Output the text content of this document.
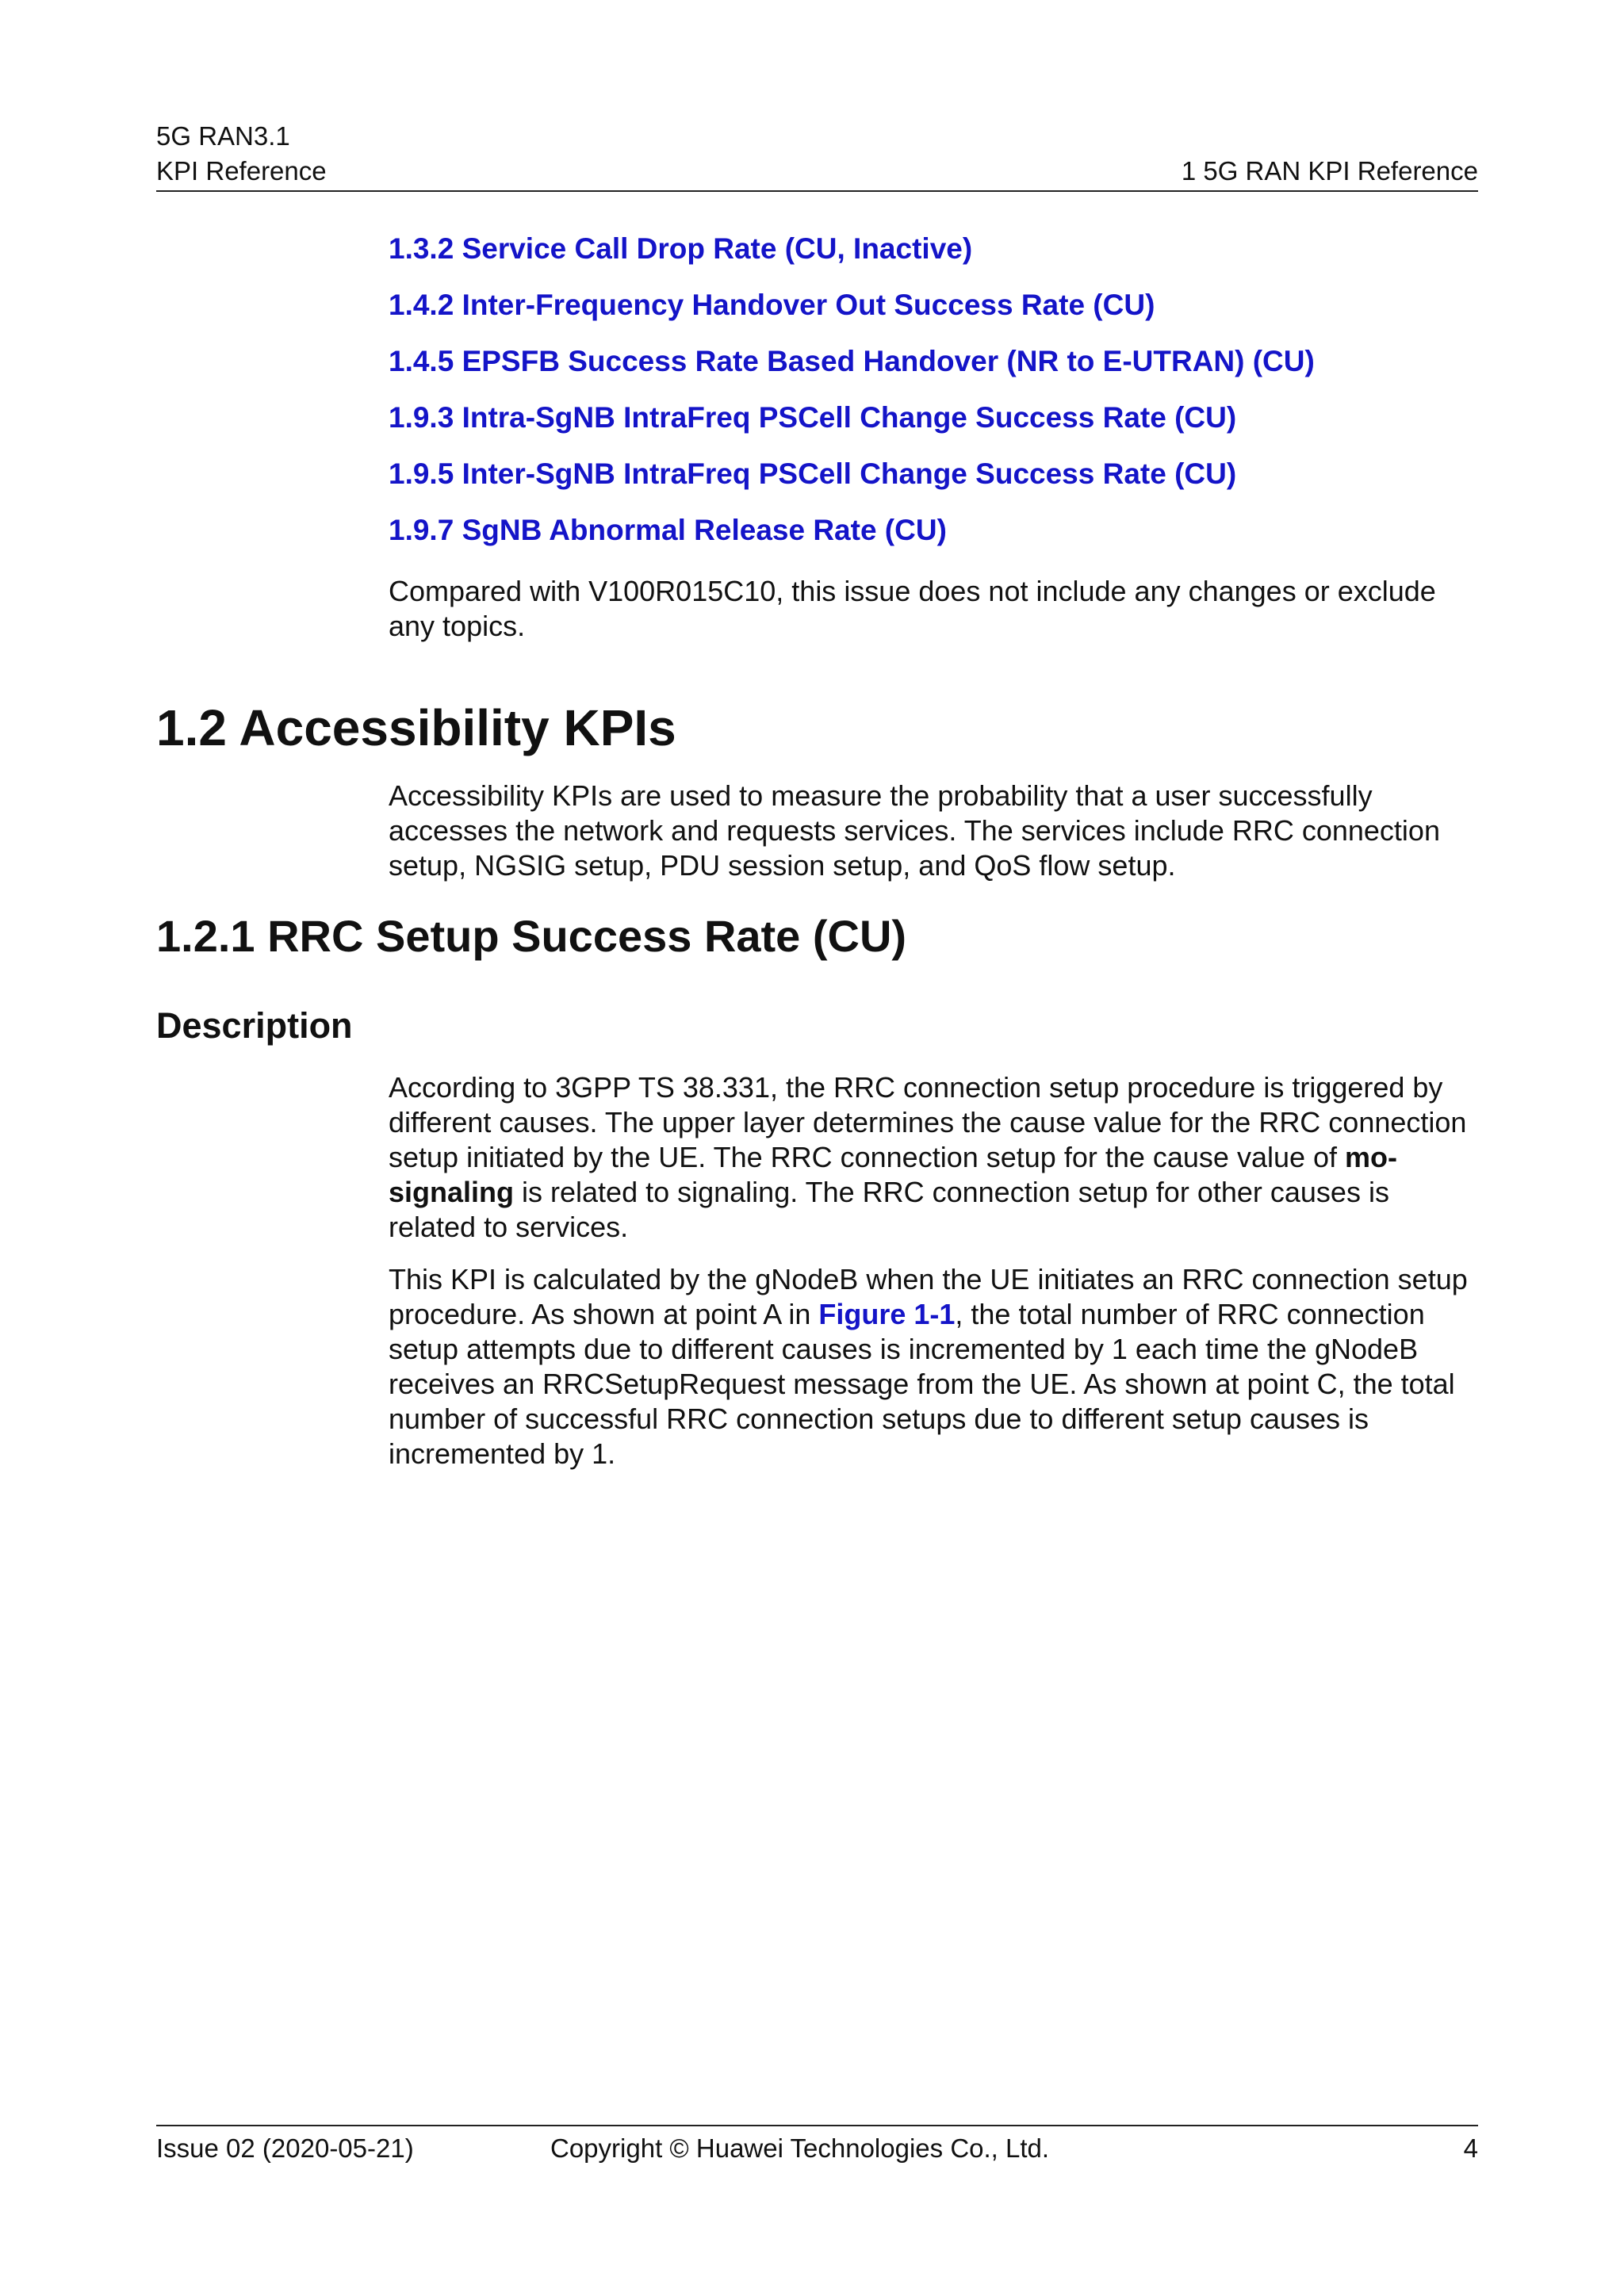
5G RAN3.1
KPI Reference	1 5G RAN KPI Reference
1.3.2 Service Call Drop Rate (CU, Inactive)
1.4.2 Inter-Frequency Handover Out Success Rate (CU)
1.4.5 EPSFB Success Rate Based Handover (NR to E-UTRAN) (CU)
1.9.3 Intra-SgNB IntraFreq PSCell Change Success Rate (CU)
1.9.5 Inter-SgNB IntraFreq PSCell Change Success Rate (CU)
1.9.7 SgNB Abnormal Release Rate (CU)
Compared with V100R015C10, this issue does not include any changes or exclude any topics.
1.2 Accessibility KPIs
Accessibility KPIs are used to measure the probability that a user successfully accesses the network and requests services. The services include RRC connection setup, NGSIG setup, PDU session setup, and QoS flow setup.
1.2.1 RRC Setup Success Rate (CU)
Description
According to 3GPP TS 38.331, the RRC connection setup procedure is triggered by different causes. The upper layer determines the cause value for the RRC connection setup initiated by the UE. The RRC connection setup for the cause value of mo-signaling is related to signaling. The RRC connection setup for other causes is related to services.
This KPI is calculated by the gNodeB when the UE initiates an RRC connection setup procedure. As shown at point A in Figure 1-1, the total number of RRC connection setup attempts due to different causes is incremented by 1 each time the gNodeB receives an RRCSetupRequest message from the UE. As shown at point C, the total number of successful RRC connection setups due to different setup causes is incremented by 1.
Issue 02 (2020-05-21)	Copyright © Huawei Technologies Co., Ltd.	4
